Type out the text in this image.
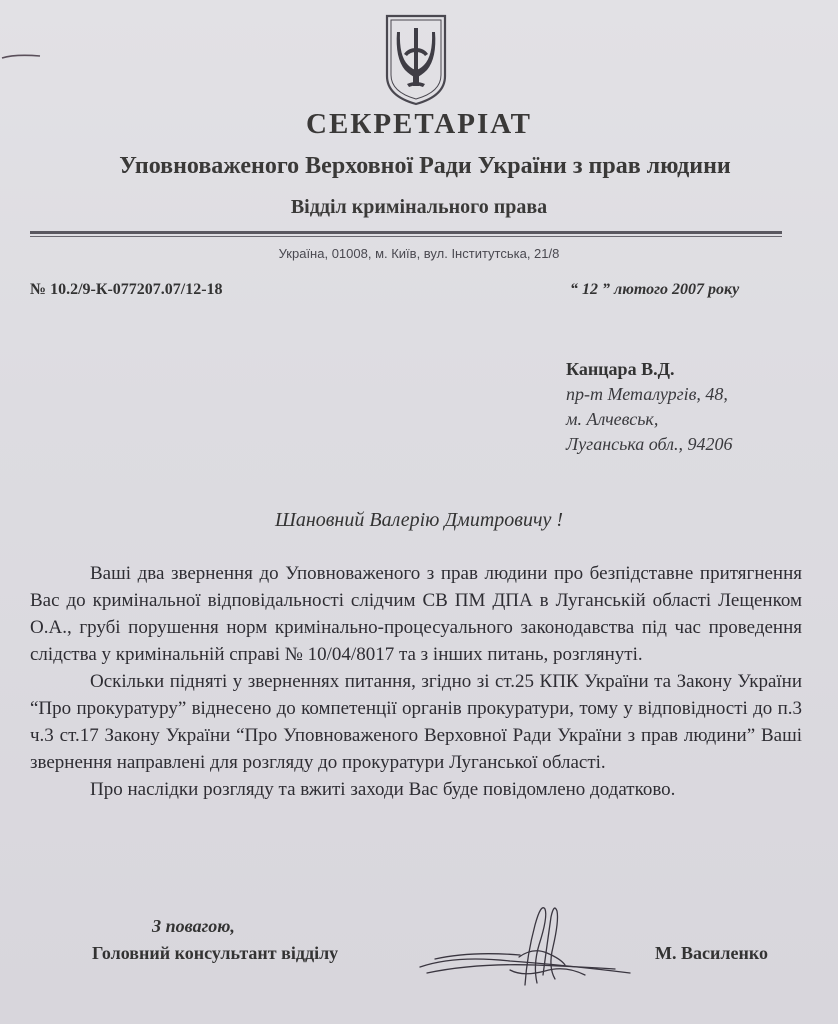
СЕКРЕТАРІАТ
Уповноваженого Верховної Ради України з прав людини
Відділ кримінального права
Україна, 01008, м. Київ, вул. Інститутська, 21/8
№ 10.2/9-К-077207.07/12-18	“ 12 ” лютого 2007 року
Канцара В.Д.
пр-т Металургів, 48,
м. Алчевськ,
Луганська обл., 94206
Шановний Валерію Дмитровичу !

Ваші два звернення до Уповноваженого з прав людини про безпідставне притягнення Вас до кримінальної відповідальності слідчим СВ ПМ ДПА в Луганській області Лещенком О.А., грубі порушення норм кримінально-процесуального законодавства під час проведення слідства у кримінальній справі № 10/04/8017 та з інших питань, розглянуті.

Оскільки підняті у зверненнях питання, згідно зі ст.25 КПК України та Закону України “Про прокуратуру” віднесено до компетенції органів прокуратури, тому у відповідності до п.3 ч.3 ст.17 Закону України “Про Уповноваженого Верховної Ради України з прав людини” Ваші звернення направлені для розгляду до прокуратури Луганської області.

Про наслідки розгляду та вжиті заходи Вас буде повідомлено додатково.

З повагою,
Головний консультант відділу	М. Василенко
